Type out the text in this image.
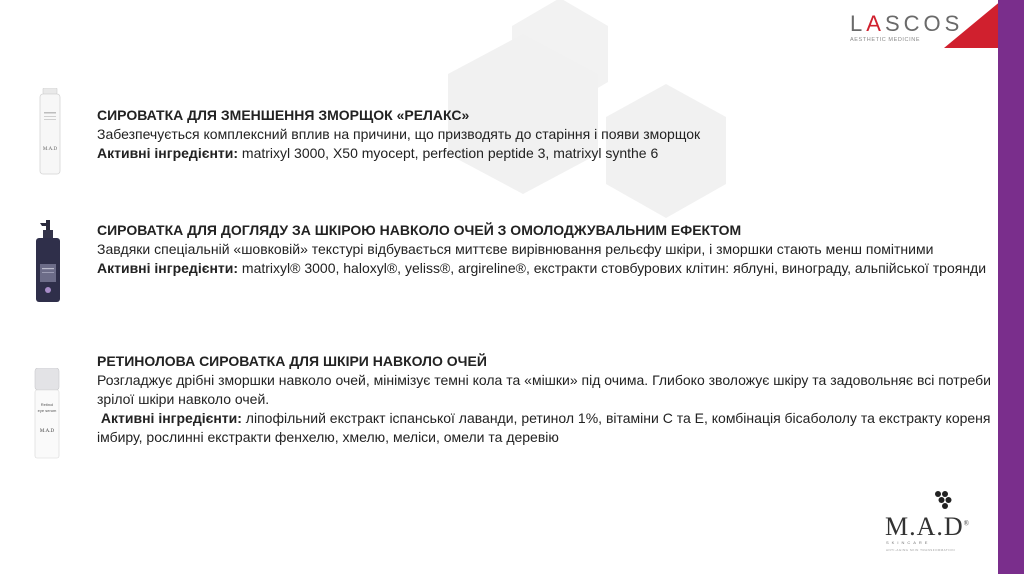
LASCOS
AESTHETIC MEDICINE
M.A.D
Retinol
eye serum
M.A.D
СИРОВАТКА ДЛЯ ЗМЕНШЕННЯ ЗМОРЩОК «РЕЛАКС»
Забезпечується комплексний вплив на причини, що призводять до старіння і появи зморщок
Активні інгредієнти: matrixyl 3000, X50 myocept, perfection peptide 3, matrixyl synthe 6
СИРОВАТКА ДЛЯ ДОГЛЯДУ ЗА ШКІРОЮ НАВКОЛО ОЧЕЙ З ОМОЛОДЖУВАЛЬНИМ ЕФЕКТОМ
Завдяки спеціальній «шовковій» текстурі відбувається миттєве вирівнювання рельєфу шкіри, і зморшки стають менш помітними
Активні інгредієнти: matrixyl® 3000, haloxyl®, yeliss®, argireline®, екстракти стовбурових клітин: яблуні, винограду, альпійської троянди
РЕТИНОЛОВА СИРОВАТКА ДЛЯ ШКІРИ НАВКОЛО ОЧЕЙ
Розгладжує дрібні зморшки навколо очей, мінімізує темні кола та «мішки» під очима. Глибоко зволожує шкіру та задовольняє всі потреби зрілої шкіри навколо очей.
Активні інгредієнти: ліпофільний екстракт іспанської лаванди, ретинол 1%, вітаміни С та Е, комбінація бісабололу та екстракту кореня імбиру, рослинні екстракти фенхелю, хмелю, меліси, омели та деревію
M.A.D®
SKINCARE
ANTI-AGING SKIN TRANSFORMATION
